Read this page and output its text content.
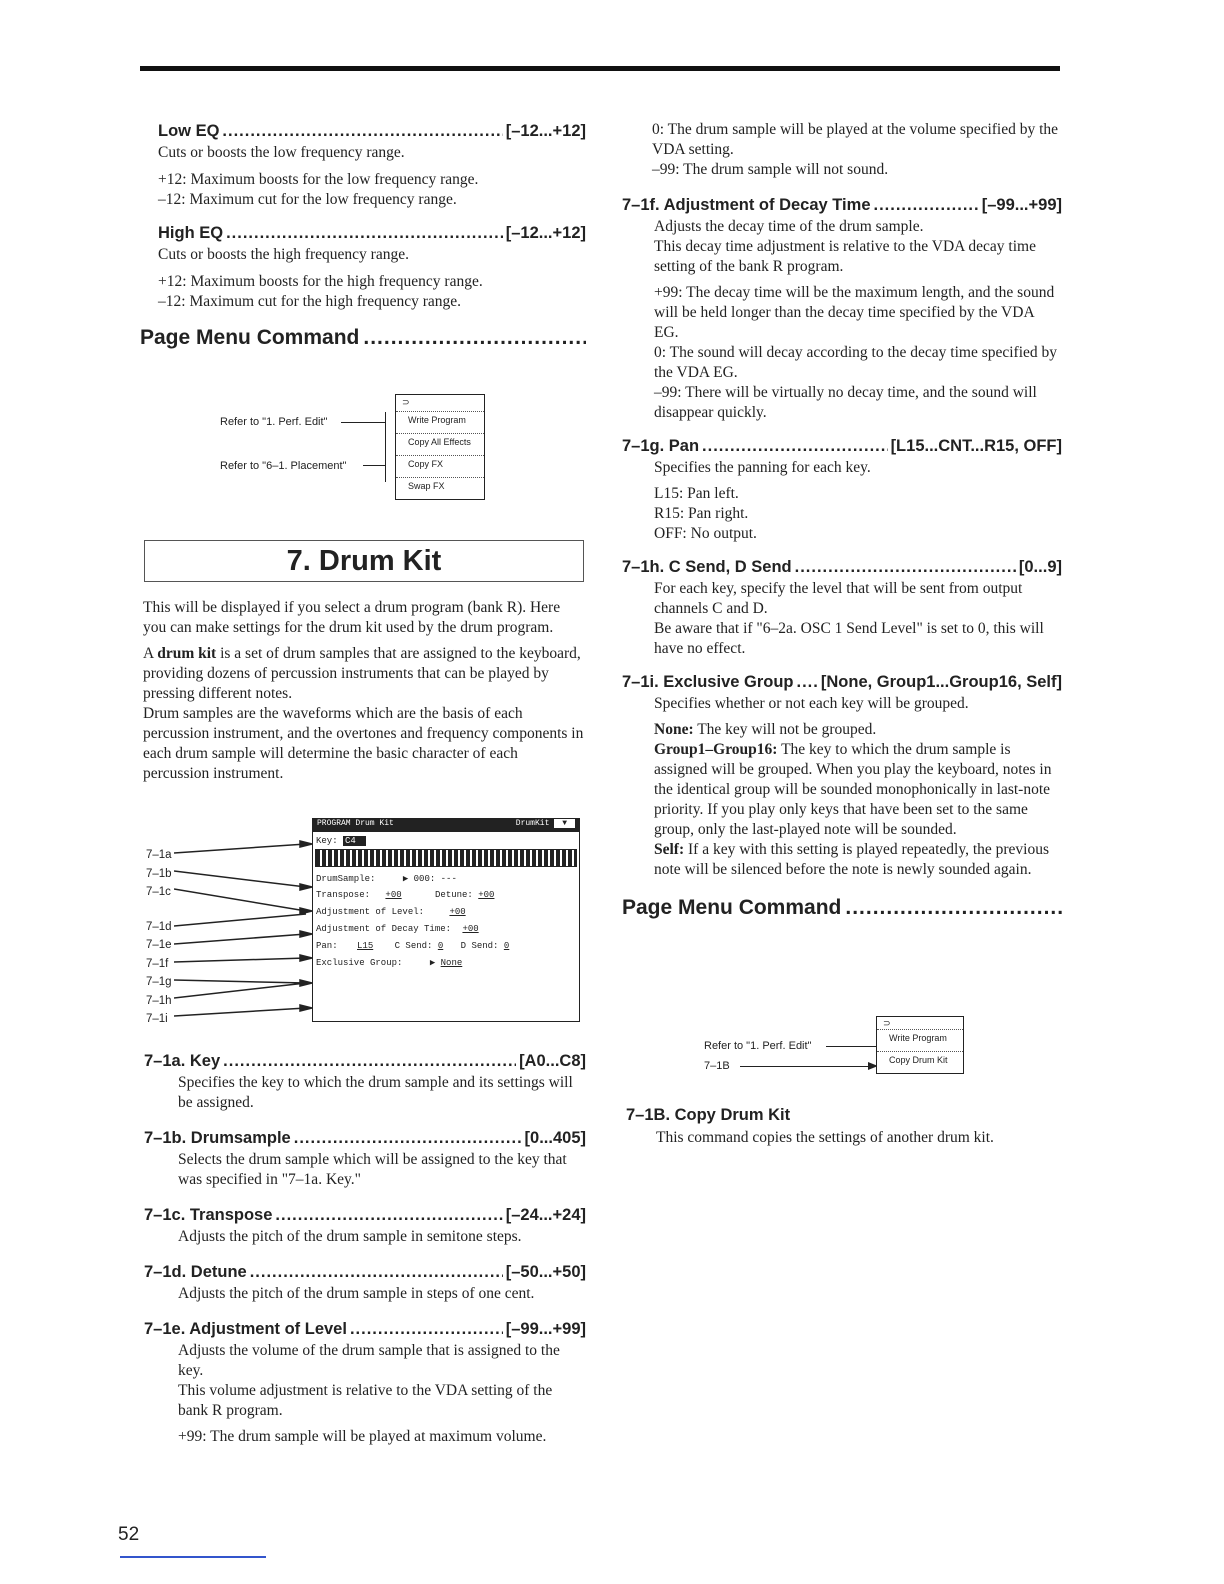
Low EQ .....	[–12...+12]

Cuts or boosts the low frequency range.

+12: Maximum boosts for the low frequency range.

–12: Maximum cut for the low frequency range.

High EQ .....	[–12...+12]

Cuts or boosts the high frequency range.

+12: Maximum boosts for the high frequency range.

–12: Maximum cut for the high frequency range.

Page Menu Command
.....
Refer to "1. Perf. Edit"
Refer to "6–1. Placement"
⊃
Write Program
Copy All Effects
Copy FX
Swap FX
7. Drum Kit

This will be displayed if you select a drum program (bank R). Here you can make settings for the drum kit used by the drum program.

A drum kit is a set of drum samples that are assigned to the keyboard, providing dozens of percussion instruments that can be played by pressing different notes.

Drum samples are the waveforms which are the basis of each percussion instrument, and the overtones and frequency components in each drum sample will determine the basic character of each percussion instrument.

7–1a
7–1b
7–1c
7–1d
7–1e
7–1f
7–1g
7–1h
7–1i
PROGRAM Drum Kit	DrumKit ▼
Key: C4
DrumSample:	▶ 000: ---
Transpose: +00	Detune: +00
Adjustment of Level:	+00
Adjustment of Decay Time: +00
Pan: L15 C Send: 0 D Send: 0
Exclusive Group:	▶ None
7–1a. Key .....	[A0...C8]

Specifies the key to which the drum sample and its settings will be assigned.

7–1b. Drumsample .....	[0...405]

Selects the drum sample which will be assigned to the key that was specified in "7–1a. Key."

7–1c. Transpose .....	[–24...+24]

Adjusts the pitch of the drum sample in semitone steps.

7–1d. Detune .....	[–50...+50]

Adjusts the pitch of the drum sample in steps of one cent.

7–1e. Adjustment of Level .....	[–99...+99]

Adjusts the volume of the drum sample that is assigned to the key.

This volume adjustment is relative to the VDA setting of the bank R program.

+99: The drum sample will be played at maximum volume.

52

0: The drum sample will be played at the volume specified by the VDA setting.

–99: The drum sample will not sound.

7–1f. Adjustment of Decay Time .....	[–99...+99]

Adjusts the decay time of the drum sample.

This decay time adjustment is relative to the VDA decay time setting of the bank R program.

+99: The decay time will be the maximum length, and the sound will be held longer than the decay time specified by the VDA EG.

0: The sound will decay according to the decay time specified by the VDA EG.

–99: There will be virtually no decay time, and the sound will disappear quickly.

7–1g. Pan .....	[L15...CNT...R15, OFF]

Specifies the panning for each key.

L15: Pan left.

R15: Pan right.

OFF: No output.

7–1h. C Send, D Send .....	[0...9]

For each key, specify the level that will be sent from output channels C and D.

Be aware that if "6–2a. OSC 1 Send Level" is set to 0, this will have no effect.

7–1i. Exclusive Group ..... [None, Group1...Group16, Self]

Specifies whether or not each key will be grouped.

None: The key will not be grouped.

Group1–Group16: The key to which the drum sample is assigned will be grouped. When you play the keyboard, notes in the identical group will be sounded monophonically in last-note priority. If you play only keys that have been set to the same group, only the last-played note will be sounded.

Self: If a key with this setting is played repeatedly, the previous note will be silenced before the note is newly sounded again.

Page Menu Command
.....
Refer to "1. Perf. Edit"
7–1B
⊃
Write Program
Copy Drum Kit
7–1B. Copy Drum Kit

This command copies the settings of another drum kit.
